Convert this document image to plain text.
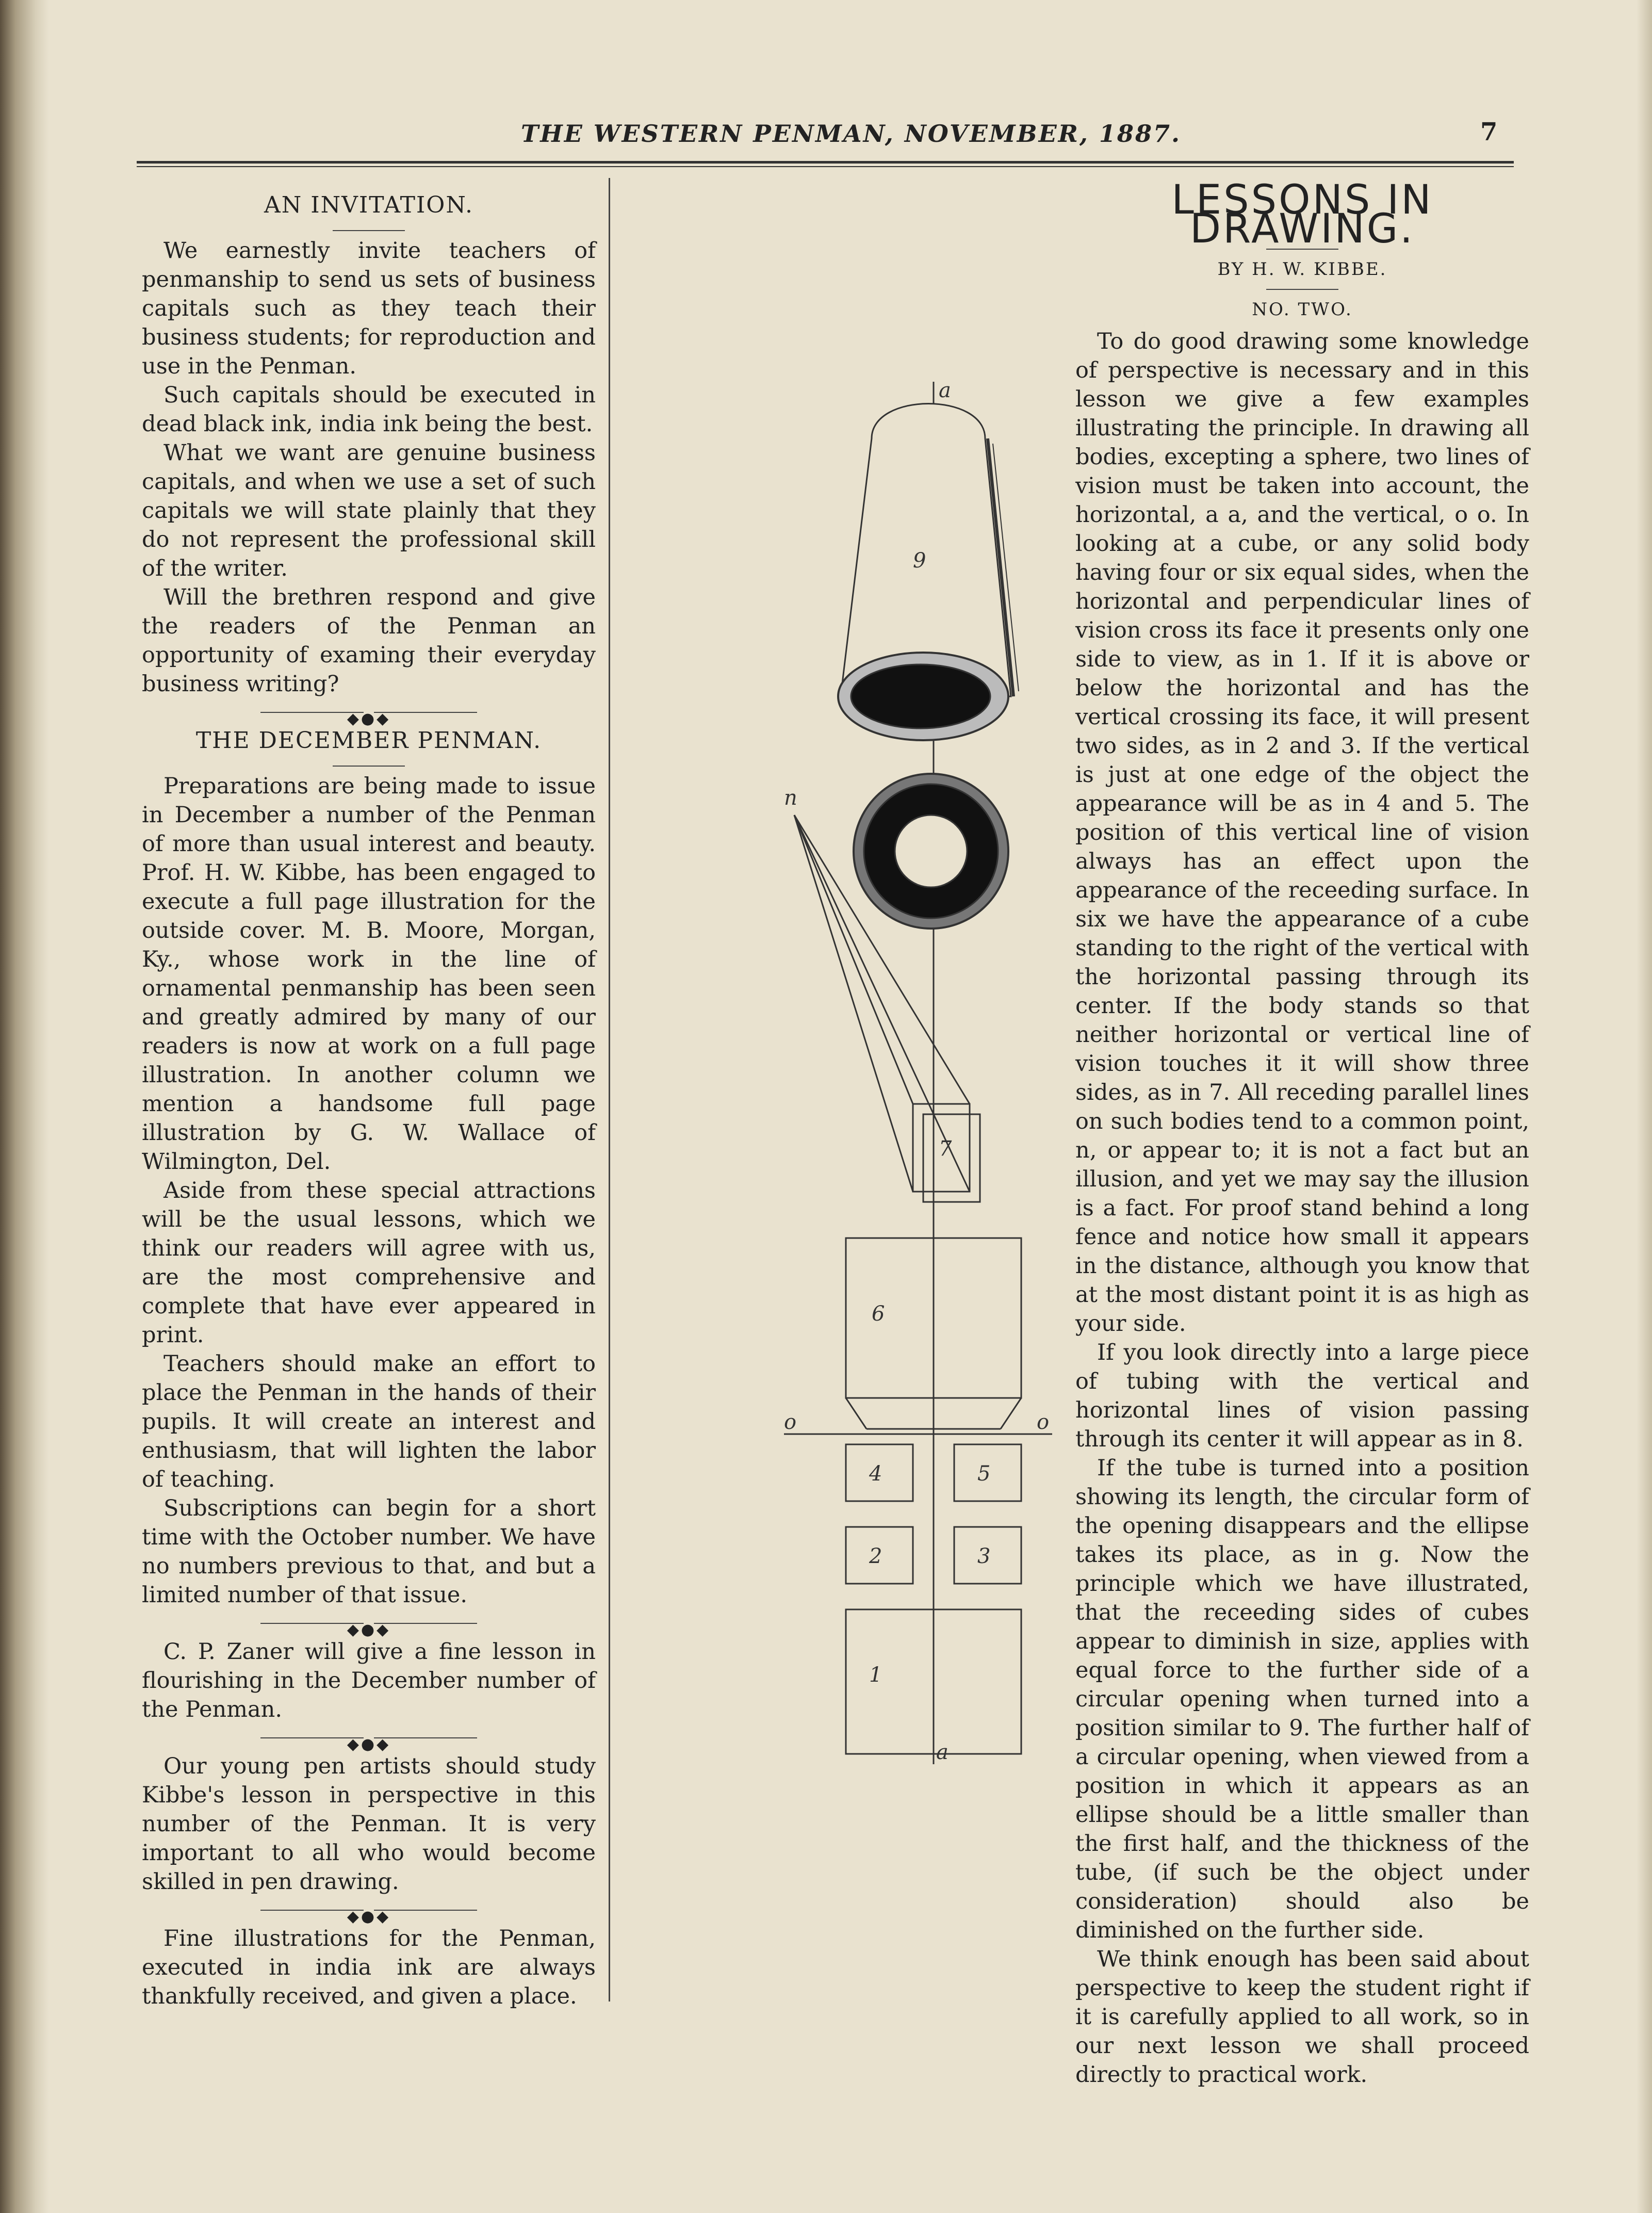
THE WESTERN PENMAN, NOVEMBER, 1887.	7
AN INVITATION.

We earnestly invite teachers of penmanship to send us sets of business capitals such as they teach their business students; for reproduction and use in the Penman.

Such capitals should be executed in dead black ink, india ink being the best.

What we want are genuine business capitals, and when we use a set of such capitals we will state plainly that they do not represent the professional skill of the writer.

Will the brethren respond and give the readers of the Penman an opportunity of examing their everyday business writing?

◆●◆
THE DECEMBER PENMAN.

Preparations are being made to issue in December a number of the Penman of more than usual interest and beauty. Prof. H. W. Kibbe, has been engaged to execute a full page illustration for the outside cover. M. B. Moore, Morgan, Ky., whose work in the line of ornamental penmanship has been seen and greatly admired by many of our readers is now at work on a full page illustration. In another column we mention a handsome full page illustration by G. W. Wallace of Wilmington, Del.

Aside from these special attractions will be the usual lessons, which we think our readers will agree with us, are the most comprehensive and complete that have ever appeared in print.

Teachers should make an effort to place the Penman in the hands of their pupils. It will create an interest and enthusiasm, that will lighten the labor of teaching.

Subscriptions can begin for a short time with the October number. We have no numbers previous to that, and but a limited number of that issue.

◆●◆

C. P. Zaner will give a fine lesson in flourishing in the December number of the Penman.

◆●◆

Our young pen artists should study Kibbe's lesson in perspective in this number of the Penman. It is very important to all who would become skilled in pen drawing.

◆●◆

Fine illustrations for the Penman, executed in india ink are always thankfully received, and given a place.

a
9
8
n
7
6
4	5
2	3
1
o	o
a
LESSONS IN DRAWING.
BY H. W. KIBBE.
NO. TWO.

To do good drawing some knowledge of perspective is necessary and in this lesson we give a few examples illustrating the principle. In drawing all bodies, excepting a sphere, two lines of vision must be taken into account, the horizontal, a a, and the vertical, o o. In looking at a cube, or any solid body having four or six equal sides, when the horizontal and perpendicular lines of vision cross its face it presents only one side to view, as in 1. If it is above or below the horizontal and has the vertical crossing its face, it will present two sides, as in 2 and 3. If the vertical is just at one edge of the object the appearance will be as in 4 and 5. The position of this vertical line of vision always has an effect upon the appearance of the receeding surface. In six we have the appearance of a cube standing to the right of the vertical with the horizontal passing through its center. If the body stands so that neither horizontal or vertical line of vision touches it it will show three sides, as in 7. All receding parallel lines on such bodies tend to a common point, n, or appear to; it is not a fact but an illusion, and yet we may say the illusion is a fact. For proof stand behind a long fence and notice how small it appears in the distance, although you know that at the most distant point it is as high as your side.

If you look directly into a large piece of tubing with the vertical and horizontal lines of vision passing through its center it will appear as in 8.

If the tube is turned into a position showing its length, the circular form of the opening disappears and the ellipse takes its place, as in g. Now the principle which we have illustrated, that the receeding sides of cubes appear to diminish in size, applies with equal force to the further side of a circular opening when turned into a position similar to 9. The further half of a circular opening, when viewed from a position in which it appears as an ellipse should be a little smaller than the first half, and the thickness of the tube, (if such be the object under consideration) should also be diminished on the further side.

We think enough has been said about perspective to keep the student right if it is carefully applied to all work, so in our next lesson we shall proceed directly to practical work.
